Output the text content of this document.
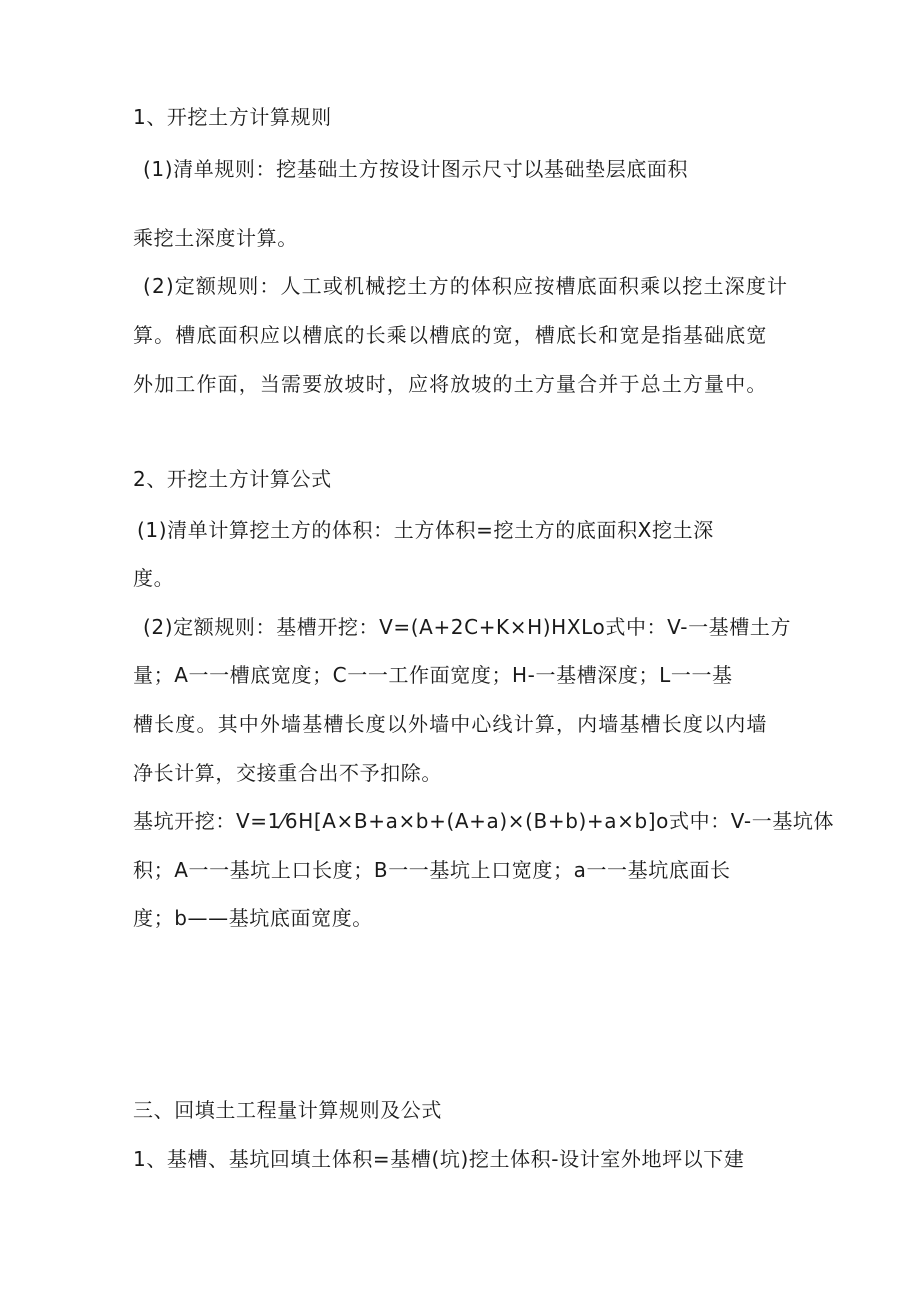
1、开挖土方计算规则
(1)清单规则：挖基础土方按设计图示尺寸以基础垫层底面积
乘挖土深度计算。
(2)定额规则：人工或机械挖土方的体积应按槽底面积乘以挖土深度计
算。槽底面积应以槽底的长乘以槽底的宽，槽底长和宽是指基础底宽
外加工作面，当需要放坡时，应将放坡的土方量合并于总土方量中。
2、开挖土方计算公式
(1)清单计算挖土方的体积：土方体积=挖土方的底面积X挖土深
度。
(2)定额规则：基槽开挖：V=(A+2C+K×H)HXLo式中：V-一基槽土方
量；A一一槽底宽度；C一一工作面宽度；H-一基槽深度；L一一基
槽长度。其中外墙基槽长度以外墙中心线计算，内墙基槽长度以内墙
净长计算，交接重合出不予扣除。
基坑开挖：V=1⁄6H[A×B+a×b+(A+a)×(B+b)+a×b]o式中：V-一基坑体
积；A一一基坑上口长度；B一一基坑上口宽度；a一一基坑底面长
度；b——基坑底面宽度。
三、回填土工程量计算规则及公式
1、基槽、基坑回填土体积=基槽(坑)挖土体积-设计室外地坪以下建
